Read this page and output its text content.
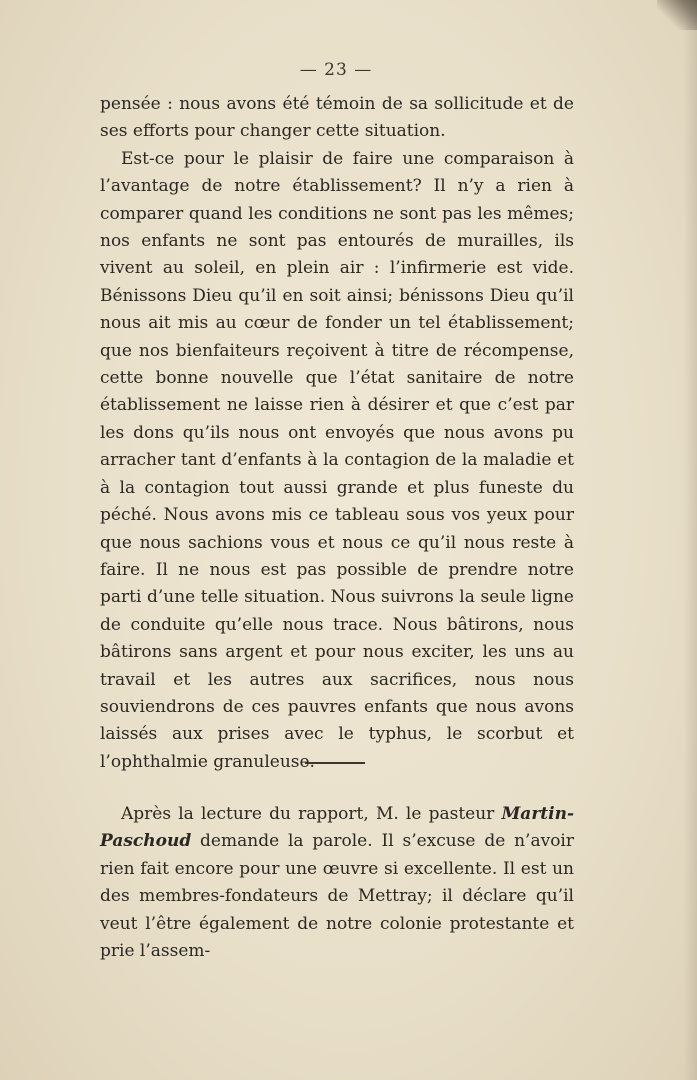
— 23 —

pensée : nous avons été témoin de sa sollicitude et de ses efforts pour changer cette situation.

Est-ce pour le plaisir de faire une comparaison à l’avantage de notre établissement? Il n’y a rien à comparer quand les conditions ne sont pas les mêmes; nos enfants ne sont pas entourés de murailles, ils vivent au soleil, en plein air : l’infirmerie est vide. Bénissons Dieu qu’il en soit ainsi; bénissons Dieu qu’il nous ait mis au cœur de fonder un tel établissement; que nos bienfaiteurs reçoivent à titre de récompense, cette bonne nouvelle que l’état sanitaire de notre établissement ne laisse rien à désirer et que c’est par les dons qu’ils nous ont envoyés que nous avons pu arracher tant d’enfants à la contagion de la maladie et à la contagion tout aussi grande et plus funeste du péché. Nous avons mis ce tableau sous vos yeux pour que nous sachions vous et nous ce qu’il nous reste à faire. Il ne nous est pas possible de prendre notre parti d’une telle situation. Nous suivrons la seule ligne de conduite qu’elle nous trace. Nous bâtirons, nous bâtirons sans argent et pour nous exciter, les uns au travail et les autres aux sacrifices, nous nous souviendrons de ces pauvres enfants que nous avons laissés aux prises avec le typhus, le scorbut et l’ophthalmie granuleuse.

Après la lecture du rapport, M. le pasteur Martin-Paschoud demande la parole. Il s’excuse de n’avoir rien fait encore pour une œuvre si excellente. Il est un des membres-fondateurs de Mettray; il déclare qu’il veut l’être également de notre colonie protestante et prie l’assem-
